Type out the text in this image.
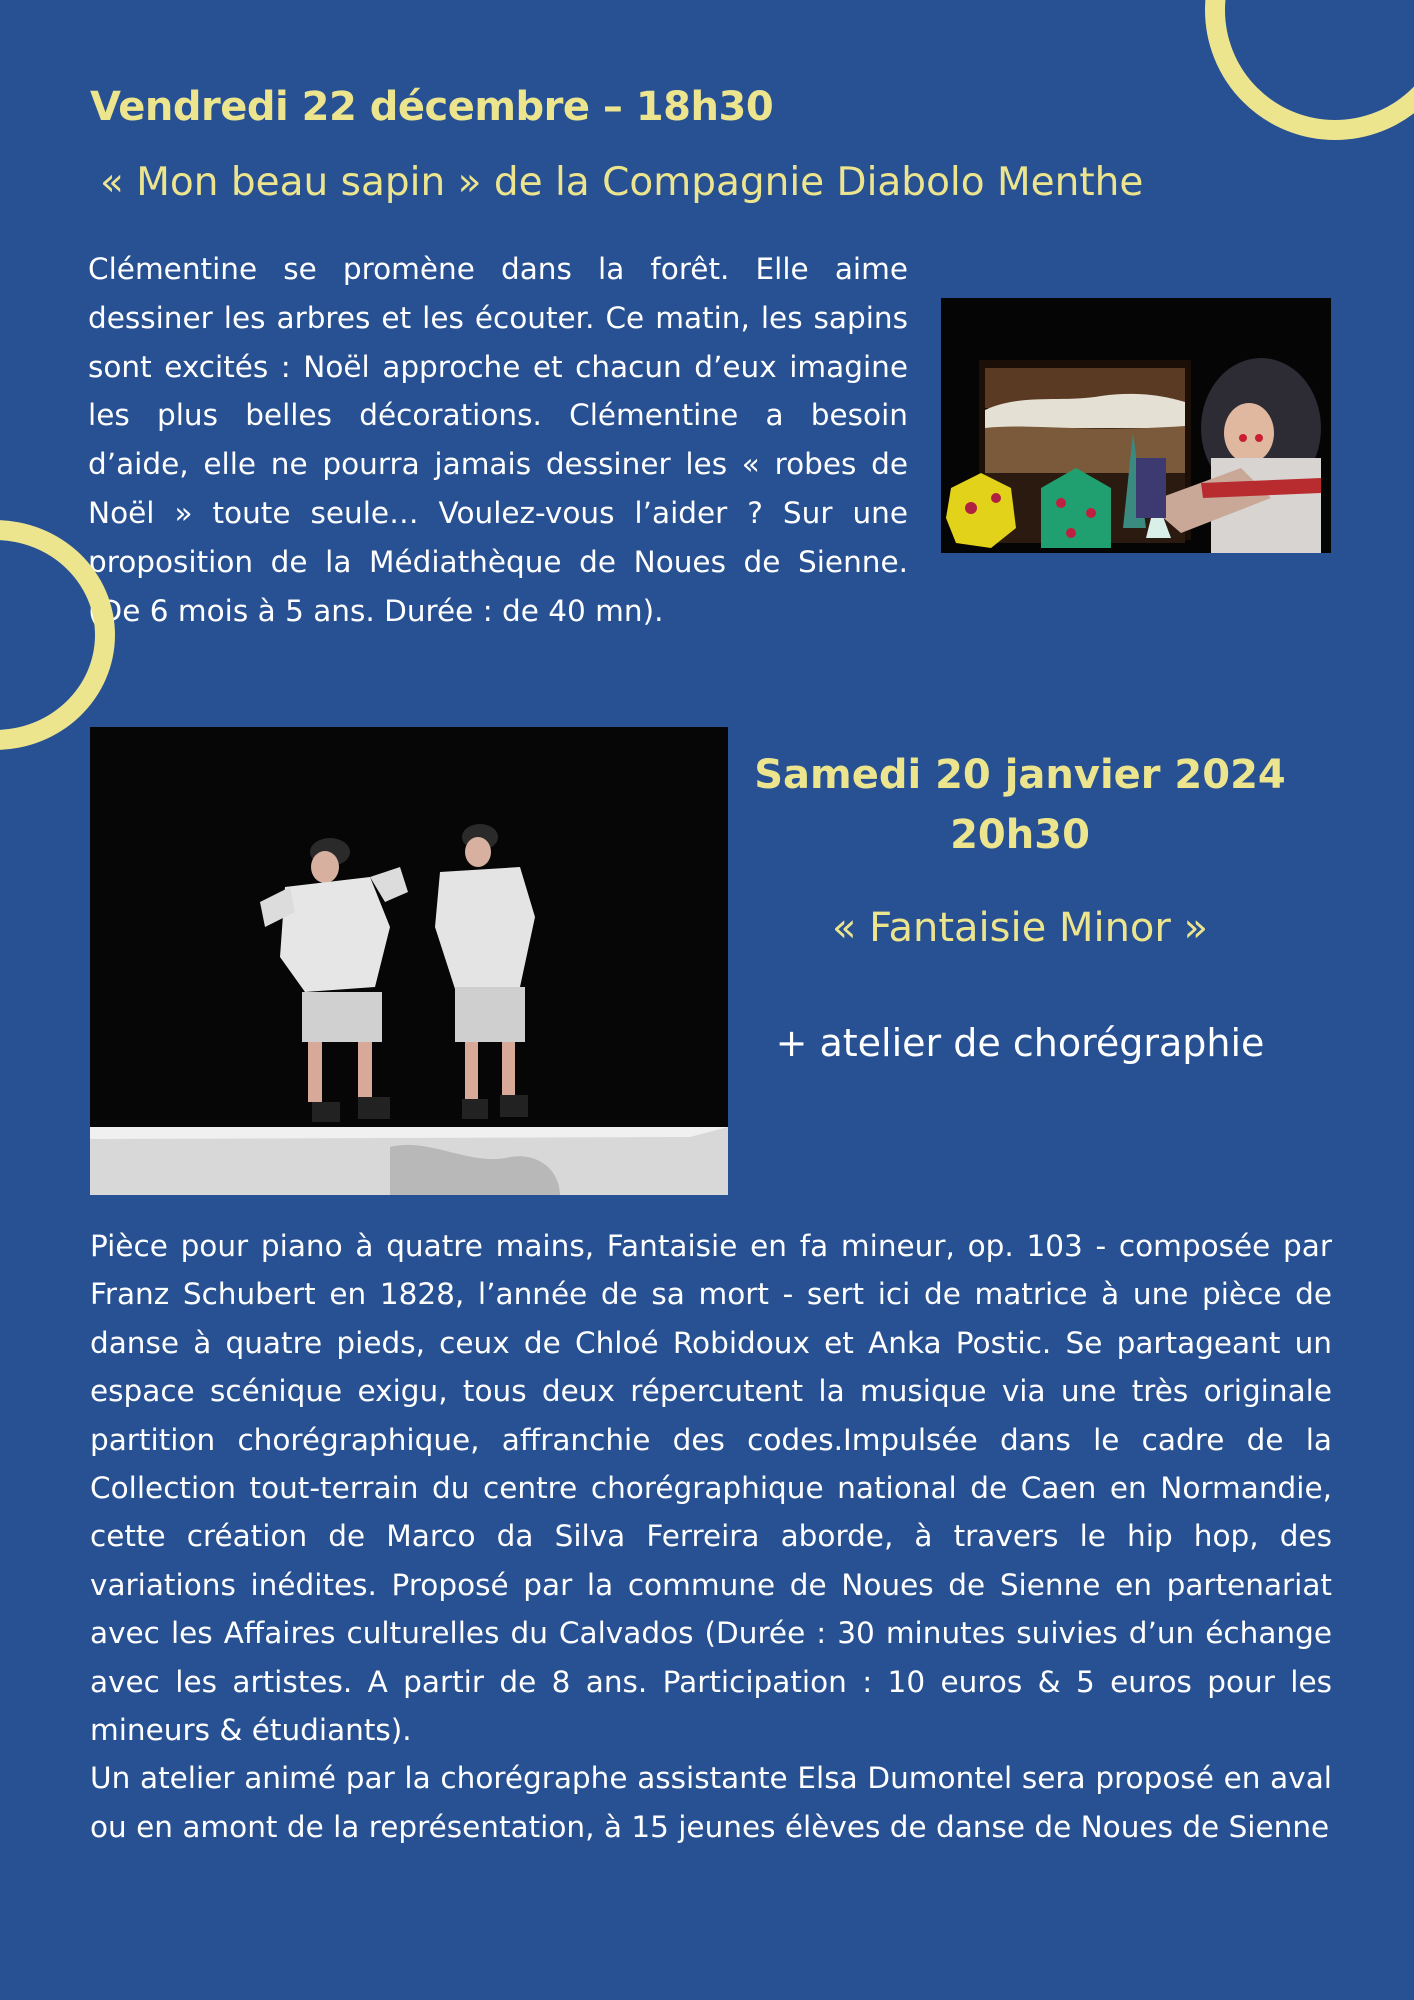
Vendredi 22 décembre – 18h30
« Mon beau sapin » de la Compagnie Diabolo Menthe

Clémentine se promène dans la forêt. Elle aime dessiner les arbres et les écouter. Ce matin, les sapins sont excités : Noël approche et chacun d’eux imagine les plus belles décorations. Clémentine a besoin d’aide, elle ne pourra jamais dessiner les « robes de Noël » toute seule… Voulez-vous l’aider ? Sur une proposition de la Médiathèque de Noues de Sienne. (De 6 mois à 5 ans. Durée : de 40 mn).

Samedi 20 janvier 2024
20h30

« Fantaisie Minor »

+ atelier de chorégraphie

Pièce pour piano à quatre mains, Fantaisie en fa mineur, op. 103 - composée par Franz Schubert en 1828, l’année de sa mort - sert ici de matrice à une pièce de danse à quatre pieds, ceux de Chloé Robidoux et Anka Postic. Se partageant un espace scénique exigu, tous deux répercutent la musique via une très originale partition chorégraphique, affranchie des codes.Impulsée dans le cadre de la Collection tout-terrain du centre chorégraphique national de Caen en Normandie, cette création de Marco da Silva Ferreira aborde, à travers le hip hop, des variations inédites. Proposé par la commune de Noues de Sienne en partenariat avec les Affaires culturelles du Calvados (Durée : 30 minutes suivies d’un échange avec les artistes. A partir de 8 ans. Participation : 10 euros & 5 euros pour les mineurs & étudiants).

Un atelier animé par la chorégraphe assistante Elsa Dumontel sera proposé en aval ou en amont de la représentation, à 15 jeunes élèves de danse de Noues de Sienne
